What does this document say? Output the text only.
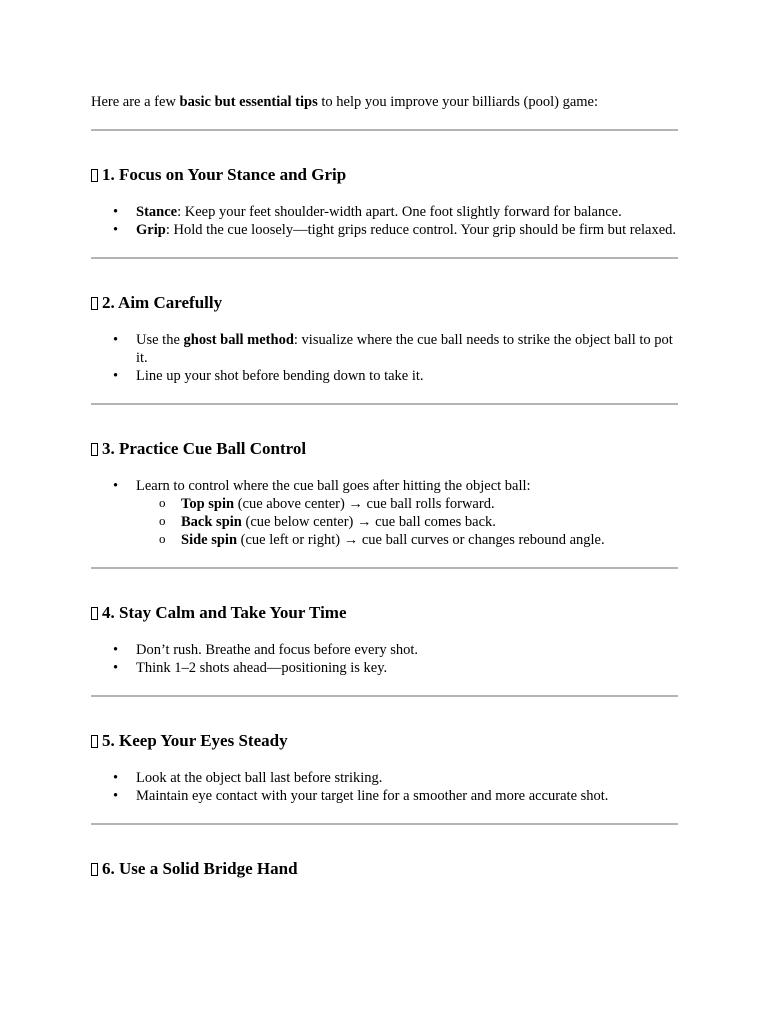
Here are a few basic but essential tips to help you improve your billiards (pool) game:

1. Focus on Your Stance and Grip
• Stance: Keep your feet shoulder-width apart. One foot slightly forward for balance.
• Grip: Hold the cue loosely—tight grips reduce control. Your grip should be firm but relaxed.
2. Aim Carefully
• Use the ghost ball method: visualize where the cue ball needs to strike the object ball to pot it.
• Line up your shot before bending down to take it.
3. Practice Cue Ball Control
• Learn to control where the cue ball goes after hitting the object ball:
o Top spin (cue above center) → cue ball rolls forward.
o Back spin (cue below center) → cue ball comes back.
o Side spin (cue left or right) → cue ball curves or changes rebound angle.
4. Stay Calm and Take Your Time
• Don’t rush. Breathe and focus before every shot.
• Think 1–2 shots ahead—positioning is key.
5. Keep Your Eyes Steady
• Look at the object ball last before striking.
• Maintain eye contact with your target line for a smoother and more accurate shot.
6. Use a Solid Bridge Hand
